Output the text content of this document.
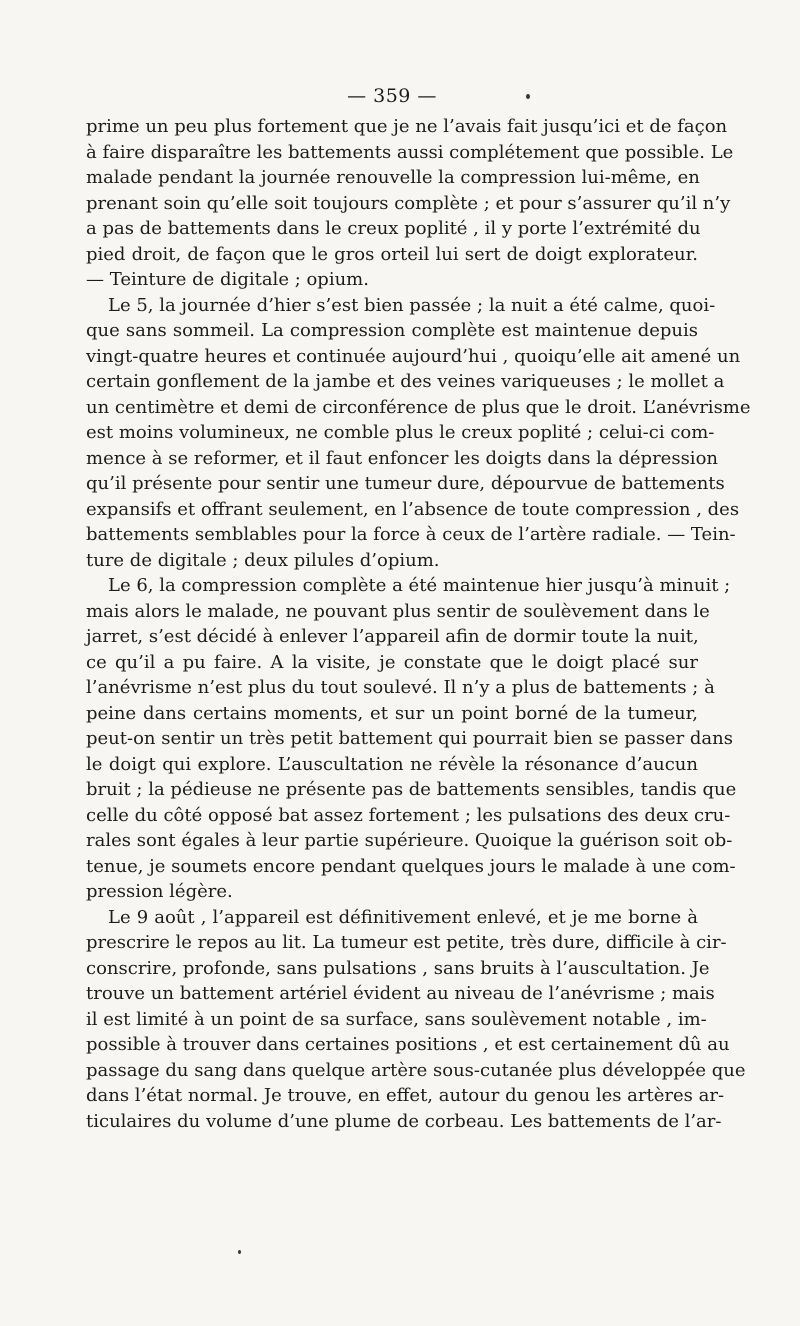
— 359 —

prime un peu plus fortement que je ne l’avais fait jusqu’ici et de façon
à faire disparaître les battements aussi complétement que possible. Le
malade pendant la journée renouvelle la compression lui-même, en
prenant soin qu’elle soit toujours complète ; et pour s’assurer qu’il n’y
a pas de battements dans le creux poplité , il y porte l’extrémité du
pied droit, de façon que le gros orteil lui sert de doigt explorateur.
— Teinture de digitale ; opium.

Le 5, la journée d’hier s’est bien passée ; la nuit a été calme, quoi-
que sans sommeil. La compression complète est maintenue depuis
vingt-quatre heures et continuée aujourd’hui , quoiqu’elle ait amené un
certain gonflement de la jambe et des veines variqueuses ; le mollet a
un centimètre et demi de circonférence de plus que le droit. L’anévrisme
est moins volumineux, ne comble plus le creux poplité ; celui-ci com-
mence à se reformer, et il faut enfoncer les doigts dans la dépression
qu’il présente pour sentir une tumeur dure, dépourvue de battements
expansifs et offrant seulement, en l’absence de toute compression , des
battements semblables pour la force à ceux de l’artère radiale. — Tein-
ture de digitale ; deux pilules d’opium.

Le 6, la compression complète a été maintenue hier jusqu’à minuit ;
mais alors le malade, ne pouvant plus sentir de soulèvement dans le
jarret, s’est décidé à enlever l’appareil afin de dormir toute la nuit,
ce qu’il a pu faire. A la visite, je constate que le doigt placé sur
l’anévrisme n’est plus du tout soulevé. Il n’y a plus de battements ; à
peine dans certains moments, et sur un point borné de la tumeur,
peut-on sentir un très petit battement qui pourrait bien se passer dans
le doigt qui explore. L’auscultation ne révèle la résonance d’aucun
bruit ; la pédieuse ne présente pas de battements sensibles, tandis que
celle du côté opposé bat assez fortement ; les pulsations des deux cru-
rales sont égales à leur partie supérieure. Quoique la guérison soit ob-
tenue, je soumets encore pendant quelques jours le malade à une com-
pression légère.

Le 9 août , l’appareil est définitivement enlevé, et je me borne à
prescrire le repos au lit. La tumeur est petite, très dure, difficile à cir-
conscrire, profonde, sans pulsations , sans bruits à l’auscultation. Je
trouve un battement artériel évident au niveau de l’anévrisme ; mais
il est limité à un point de sa surface, sans soulèvement notable , im-
possible à trouver dans certaines positions , et est certainement dû au
passage du sang dans quelque artère sous-cutanée plus développée que
dans l’état normal. Je trouve, en effet, autour du genou les artères ar-
ticulaires du volume d’une plume de corbeau. Les battements de l’ar-
